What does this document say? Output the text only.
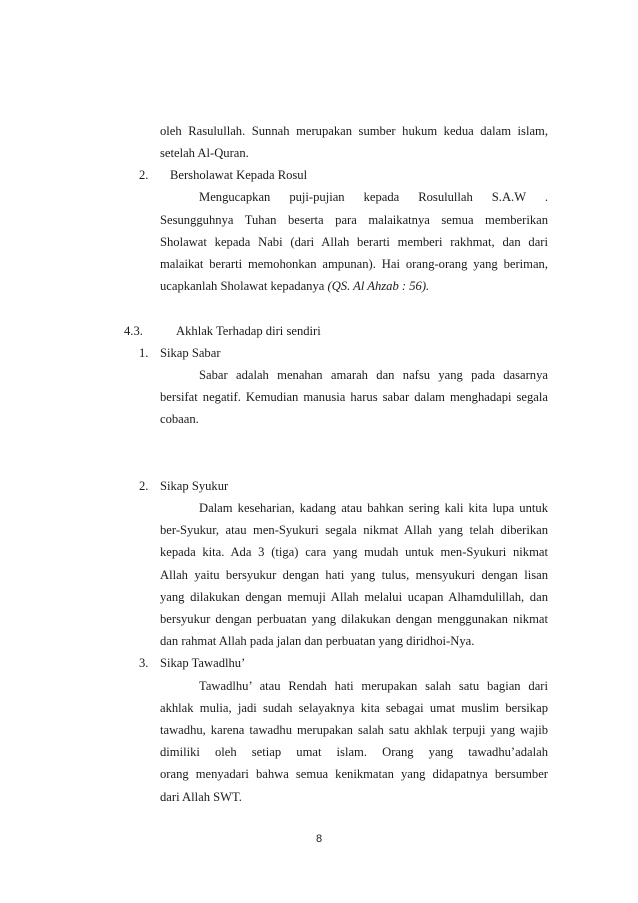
oleh Rasulullah. Sunnah merupakan sumber hukum kedua dalam islam,
setelah Al-Quran.
2. Bersholawat Kepada Rosul
Mengucapkan puji-pujian kepada Rosulullah S.A.W .
Sesungguhnya Tuhan beserta para malaikatnya semua memberikan
Sholawat kepada Nabi (dari Allah berarti memberi rakhmat, dan dari
malaikat berarti memohonkan ampunan). Hai orang-orang yang beriman,
ucapkanlah Sholawat kepadanya (QS. Al Ahzab : 56).
4.3.	Akhlak Terhadap diri sendiri
1. Sikap Sabar
Sabar adalah menahan amarah dan nafsu yang pada dasarnya
bersifat negatif. Kemudian manusia harus sabar dalam menghadapi segala
cobaan.
2. Sikap Syukur
Dalam keseharian, kadang atau bahkan sering kali kita lupa untuk
ber-Syukur, atau men-Syukuri segala nikmat Allah yang telah diberikan
kepada kita. Ada 3 (tiga) cara yang mudah untuk men-Syukuri nikmat
Allah yaitu bersyukur dengan hati yang tulus, mensyukuri dengan lisan
yang dilakukan dengan memuji Allah melalui ucapan Alhamdulillah, dan
bersyukur dengan perbuatan yang dilakukan dengan menggunakan nikmat
dan rahmat Allah pada jalan dan perbuatan yang diridhoi-Nya.
3. Sikap Tawadlhu’
Tawadlhu’ atau Rendah hati merupakan salah satu bagian dari
akhlak mulia, jadi sudah selayaknya kita sebagai umat muslim bersikap
tawadhu, karena tawadhu merupakan salah satu akhlak terpuji yang wajib
dimiliki oleh setiap umat islam. Orang yang tawadhu’adalah
orang menyadari bahwa semua kenikmatan yang didapatnya bersumber
dari Allah SWT.
8
